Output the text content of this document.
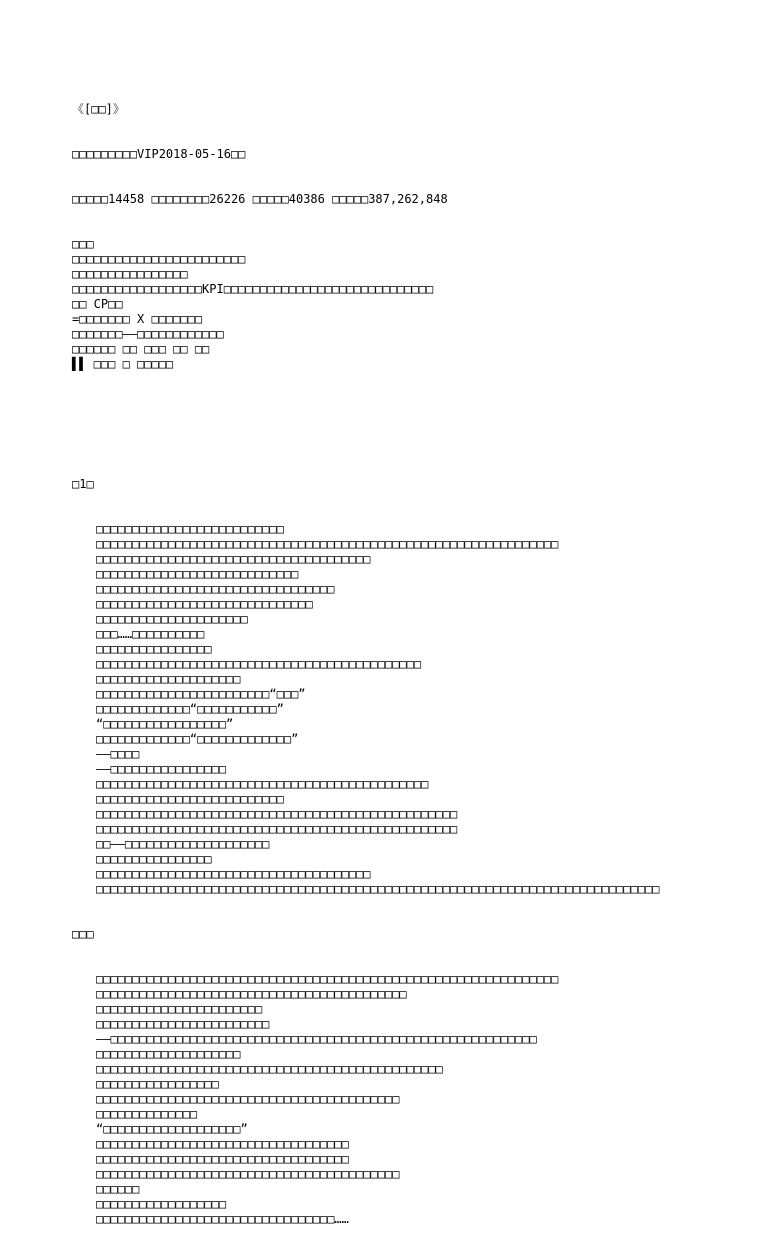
《[□□]》

□□□□□□□□□VIP2018-05-16□□

□□□□□14458 □□□□□□□□26226 □□□□□40386 □□□□□387,262,848

□□□
□□□□□□□□□□□□□□□□□□□□□□□□
□□□□□□□□□□□□□□□□
□□□□□□□□□□□□□□□□□□KPI□□□□□□□□□□□□□□□□□□□□□□□□□□□□□
□□ CP□□
=□□□□□□□ X □□□□□□□
□□□□□□□——□□□□□□□□□□□□
□□□□□□ □□ □□□ □□ □□
▌▌ □□□ □ □□□□□

□1□

□□□□□□□□□□□□□□□□□□□□□□□□□□
□□□□□□□□□□□□□□□□□□□□□□□□□□□□□□□□□□□□□□□□□□□□□□□□□□□□□□□□□□□□□□□□
□□□□□□□□□□□□□□□□□□□□□□□□□□□□□□□□□□□□□□
□□□□□□□□□□□□□□□□□□□□□□□□□□□□
□□□□□□□□□□□□□□□□□□□□□□□□□□□□□□□□□
□□□□□□□□□□□□□□□□□□□□□□□□□□□□□□
□□□□□□□□□□□□□□□□□□□□□
□□□……□□□□□□□□□□
□□□□□□□□□□□□□□□□
□□□□□□□□□□□□□□□□□□□□□□□□□□□□□□□□□□□□□□□□□□□□□
□□□□□□□□□□□□□□□□□□□□
□□□□□□□□□□□□□□□□□□□□□□□□“□□□”
□□□□□□□□□□□□□“□□□□□□□□□□□”
“□□□□□□□□□□□□□□□□□”
□□□□□□□□□□□□□“□□□□□□□□□□□□□”
——□□□□
——□□□□□□□□□□□□□□□□
□□□□□□□□□□□□□□□□□□□□□□□□□□□□□□□□□□□□□□□□□□□□□□
□□□□□□□□□□□□□□□□□□□□□□□□□□
□□□□□□□□□□□□□□□□□□□□□□□□□□□□□□□□□□□□□□□□□□□□□□□□□□
□□□□□□□□□□□□□□□□□□□□□□□□□□□□□□□□□□□□□□□□□□□□□□□□□□
□□——□□□□□□□□□□□□□□□□□□□□
□□□□□□□□□□□□□□□□
□□□□□□□□□□□□□□□□□□□□□□□□□□□□□□□□□□□□□□
□□□□□□□□□□□□□□□□□□□□□□□□□□□□□□□□□□□□□□□□□□□□□□□□□□□□□□□□□□□□□□□□□□□□□□□□□□□□□□

□□□

□□□□□□□□□□□□□□□□□□□□□□□□□□□□□□□□□□□□□□□□□□□□□□□□□□□□□□□□□□□□□□□□
□□□□□□□□□□□□□□□□□□□□□□□□□□□□□□□□□□□□□□□□□□□
□□□□□□□□□□□□□□□□□□□□□□□
□□□□□□□□□□□□□□□□□□□□□□□□
——□□□□□□□□□□□□□□□□□□□□□□□□□□□□□□□□□□□□□□□□□□□□□□□□□□□□□□□□□□□
□□□□□□□□□□□□□□□□□□□□
□□□□□□□□□□□□□□□□□□□□□□□□□□□□□□□□□□□□□□□□□□□□□□□□
□□□□□□□□□□□□□□□□□
□□□□□□□□□□□□□□□□□□□□□□□□□□□□□□□□□□□□□□□□□□
□□□□□□□□□□□□□□
“□□□□□□□□□□□□□□□□□□□”
□□□□□□□□□□□□□□□□□□□□□□□□□□□□□□□□□□□
□□□□□□□□□□□□□□□□□□□□□□□□□□□□□□□□□□□
□□□□□□□□□□□□□□□□□□□□□□□□□□□□□□□□□□□□□□□□□□
□□□□□□
□□□□□□□□□□□□□□□□□□
□□□□□□□□□□□□□□□□□□□□□□□□□□□□□□□□□……
